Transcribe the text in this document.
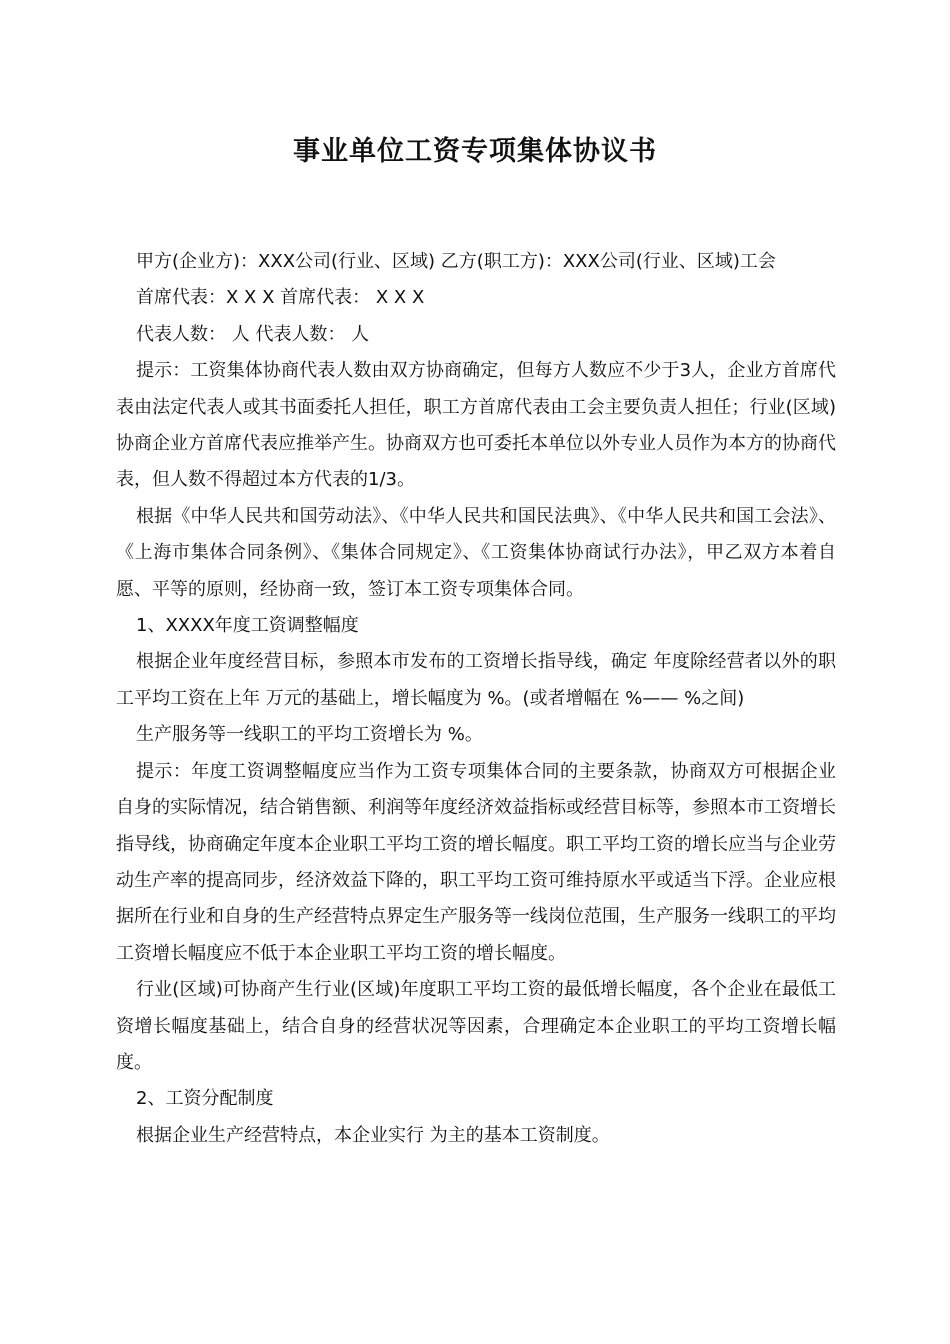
事业单位工资专项集体协议书

甲方(企业方)：XXX公司(行业、区域) 乙方(职工方)：XXX公司(行业、区域)工会

首席代表：X X X 首席代表： X X X

代表人数： 人 代表人数： 人

提示：工资集体协商代表人数由双方协商确定，但每方人数应不少于3人，企业方首席代表由法定代表人或其书面委托人担任，职工方首席代表由工会主要负责人担任；行业(区域)协商企业方首席代表应推举产生。协商双方也可委托本单位以外专业人员作为本方的协商代表，但人数不得超过本方代表的1/3。

根据《中华人民共和国劳动法》、《中华人民共和国民法典》、《中华人民共和国工会法》、《上海市集体合同条例》、《集体合同规定》、《工资集体协商试行办法》，甲乙双方本着自愿、平等的原则，经协商一致，签订本工资专项集体合同。

1、XXXX年度工资调整幅度

根据企业年度经营目标，参照本市发布的工资增长指导线，确定 年度除经营者以外的职工平均工资在上年 万元的基础上，增长幅度为 %。(或者增幅在 %—— %之间)

生产服务等一线职工的平均工资增长为 %。

提示：年度工资调整幅度应当作为工资专项集体合同的主要条款，协商双方可根据企业自身的实际情况，结合销售额、利润等年度经济效益指标或经营目标等，参照本市工资增长指导线，协商确定年度本企业职工平均工资的增长幅度。职工平均工资的增长应当与企业劳动生产率的提高同步，经济效益下降的，职工平均工资可维持原水平或适当下浮。企业应根据所在行业和自身的生产经营特点界定生产服务等一线岗位范围，生产服务一线职工的平均工资增长幅度应不低于本企业职工平均工资的增长幅度。

行业(区域)可协商产生行业(区域)年度职工平均工资的最低增长幅度，各个企业在最低工资增长幅度基础上，结合自身的经营状况等因素，合理确定本企业职工的平均工资增长幅度。

2、工资分配制度

根据企业生产经营特点，本企业实行 为主的基本工资制度。
